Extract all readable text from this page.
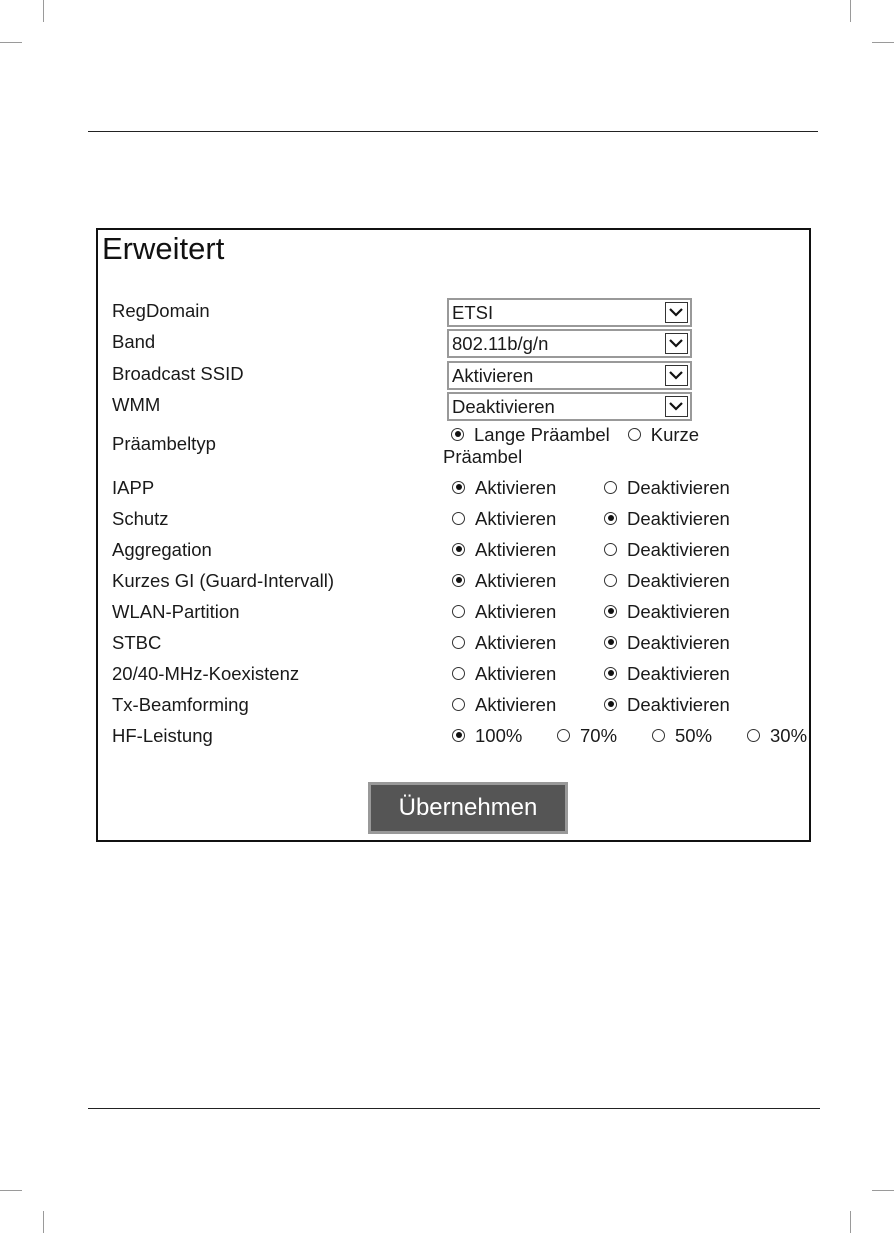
Erweitert
RegDomain	ETSI
Band	802.11b/g/n
Broadcast SSID	Aktivieren
WMM	Deaktivieren
Präambeltyp	Lange Präambel Kurze Präambel
IAPP	Aktivieren	Deaktivieren
Schutz	Aktivieren	Deaktivieren
Aggregation	Aktivieren	Deaktivieren
Kurzes GI (Guard-Intervall)	Aktivieren	Deaktivieren
WLAN-Partition	Aktivieren	Deaktivieren
STBC	Aktivieren	Deaktivieren
20/40-MHz-Koexistenz	Aktivieren	Deaktivieren
Tx-Beamforming	Aktivieren	Deaktivieren
HF-Leistung	100%	70%	50%	30%
Übernehmen
